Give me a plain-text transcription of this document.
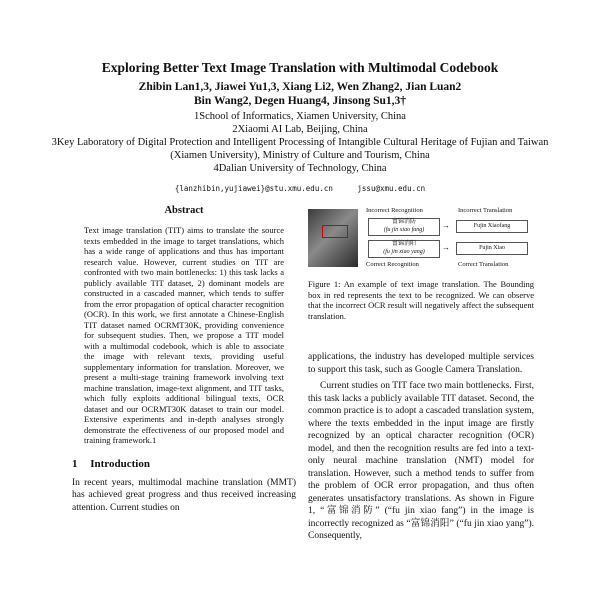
Exploring Better Text Image Translation with Multimodal Codebook
Zhibin Lan1,3, Jiawei Yu1,3, Xiang Li2, Wen Zhang2, Jian Luan2
Bin Wang2, Degen Huang4, Jinsong Su1,3†
1School of Informatics, Xiamen University, China
2Xiaomi AI Lab, Beijing, China
3Key Laboratory of Digital Protection and Intelligent Processing of Intangible Cultural Heritage of Fujian and Taiwan (Xiamen University), Ministry of Culture and Tourism, China
4Dalian University of Technology, China
{lanzhibin,yujiawei}@stu.xmu.edu.cn	jssu@xmu.edu.cn
Abstract

Text image translation (TIT) aims to translate the source texts embedded in the image to target translations, which has a wide range of applications and thus has important research value. However, current studies on TIT are confronted with two main bottlenecks: 1) this task lacks a publicly available TIT dataset, 2) dominant models are constructed in a cascaded manner, which tends to suffer from the error propagation of optical character recognition (OCR). In this work, we first annotate a Chinese-English TIT dataset named OCRMT30K, providing convenience for subsequent studies. Then, we propose a TIT model with a multimodal codebook, which is able to associate the image with relevant texts, providing useful supplementary information for translation. Moreover, we present a multi-stage training framework involving text machine translation, image-text alignment, and TIT tasks, which fully exploits additional bilingual texts, OCR dataset and our OCRMT30K dataset to train our model. Extensive experiments and in-depth analyses strongly demonstrate the effectiveness of our proposed model and training framework.1

1 Introduction

In recent years, multimodal machine translation (MMT) has achieved great progress and thus received increasing attention. Current studies on

Incorrect Recognition	Incorrect Translation
富锦消防
(fu jin xiao fang)	→	Fujin Xiaofang
富锦消阳
(fu jin xiao yang)	→	Fujin Xiao
Correct Recognition	Correct Translation

Figure 1: An example of text image translation. The Bounding box in red represents the text to be recognized. We can observe that the incorrect OCR result will negatively affect the subsequent translation.

applications, the industry has developed multiple services to support this task, such as Google Camera Translation.

Current studies on TIT face two main bottlenecks. First, this task lacks a publicly available TIT dataset. Second, the common practice is to adopt a cascaded translation system, where the texts embedded in the input image are firstly recognized by an optical character recognition (OCR) model, and then the recognition results are fed into a text-only neural machine translation (NMT) model for translation. However, such a method tends to suffer from the problem of OCR error propagation, and thus often generates unsatisfactory translations. As shown in Figure 1, “富锦消防” (“fu jin xiao fang”) in the image is incorrectly recognized as “富锦消阳” (“fu jin xiao yang”). Consequently,
